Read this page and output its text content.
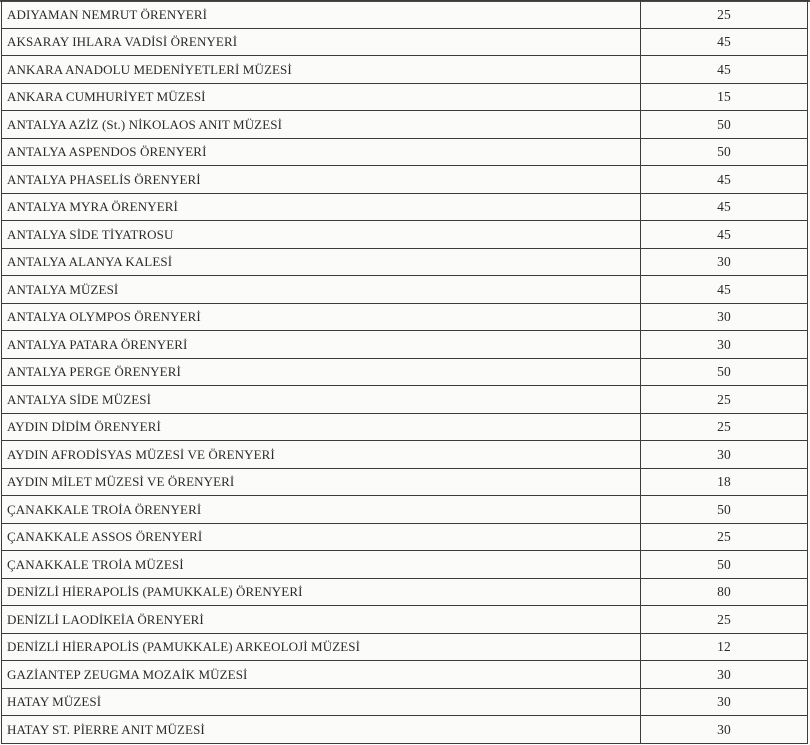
ADIYAMAN NEMRUT ÖRENYERİ	25
AKSARAY IHLARA VADİSİ ÖRENYERİ	45
ANKARA ANADOLU MEDENİYETLERİ MÜZESİ	45
ANKARA CUMHURİYET MÜZESİ	15
ANTALYA AZİZ (St.) NİKOLAOS ANIT MÜZESİ	50
ANTALYA ASPENDOS ÖRENYERİ	50
ANTALYA PHASELİS ÖRENYERİ	45
ANTALYA MYRA ÖRENYERİ	45
ANTALYA SİDE TİYATROSU	45
ANTALYA ALANYA KALESİ	30
ANTALYA MÜZESİ	45
ANTALYA OLYMPOS ÖRENYERİ	30
ANTALYA PATARA ÖRENYERİ	30
ANTALYA PERGE ÖRENYERİ	50
ANTALYA SİDE MÜZESİ	25
AYDIN DİDİM ÖRENYERİ	25
AYDIN AFRODİSYAS MÜZESİ VE ÖRENYERİ	30
AYDIN MİLET MÜZESİ VE ÖRENYERİ	18
ÇANAKKALE TROİA ÖRENYERİ	50
ÇANAKKALE ASSOS ÖRENYERİ	25
ÇANAKKALE TROİA MÜZESİ	50
DENİZLİ HİERAPOLİS (PAMUKKALE) ÖRENYERİ	80
DENİZLİ LAODİKEİA ÖRENYERİ	25
DENİZLİ HİERAPOLİS (PAMUKKALE) ARKEOLOJİ MÜZESİ	12
GAZİANTEP ZEUGMA MOZAİK MÜZESİ	30
HATAY MÜZESİ	30
HATAY ST. PİERRE ANIT MÜZESİ	30
